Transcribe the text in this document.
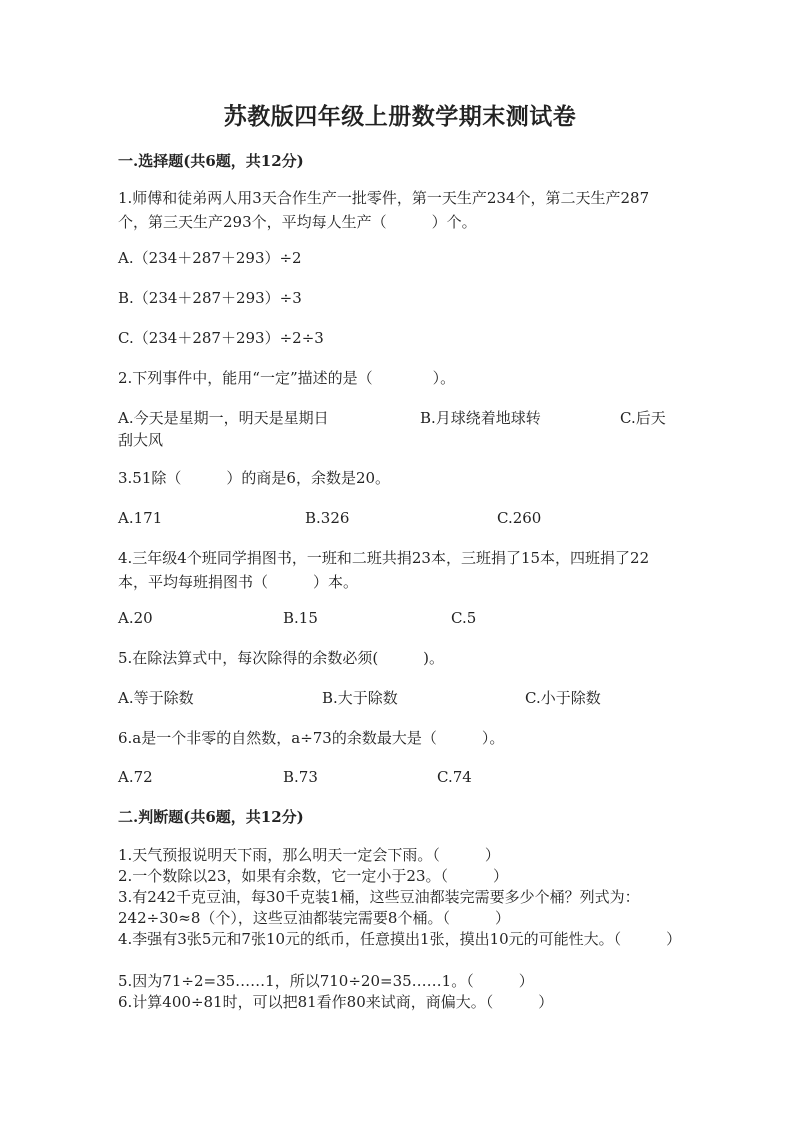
苏教版四年级上册数学期末测试卷
一.选择题(共6题，共12分)
1.师傅和徒弟两人用3天合作生产一批零件，第一天生产234个，第二天生产287个，第三天生产293个，平均每人生产（　　　）个。
A.（234＋287＋293）÷2
B.（234＋287＋293）÷3
C.（234＋287＋293）÷2÷3
2.下列事件中，能用“一定”描述的是（　　　　）。
A.今天是星期一，明天是星期日	B.月球绕着地球转	C.后天
刮大风
3.51除（　　　）的商是6，余数是20。
A.171	B.326	C.260
4.三年级4个班同学捐图书，一班和二班共捐23本，三班捐了15本，四班捐了22本，平均每班捐图书（　　　）本。
A.20	B.15	C.5
5.在除法算式中，每次除得的余数必须(　　　)。
A.等于除数	B.大于除数	C.小于除数
6.a是一个非零的自然数，a÷73的余数最大是（　　　）。
A.72	B.73	C.74
二.判断题(共6题，共12分)
1.天气预报说明天下雨，那么明天一定会下雨。（　　　）
2.一个数除以23，如果有余数，它一定小于23。（　　　）
3.有242千克豆油，每30千克装1桶，这些豆油都装完需要多少个桶？列式为：242÷30≈8（个），这些豆油都装完需要8个桶。（　　　）
4.李强有3张5元和7张10元的纸币，任意摸出1张，摸出10元的可能性大。（　　　）
5.因为71÷2=35……1，所以710÷20=35……1。（　　　）
6.计算400÷81时，可以把81看作80来试商，商偏大。（　　　）
